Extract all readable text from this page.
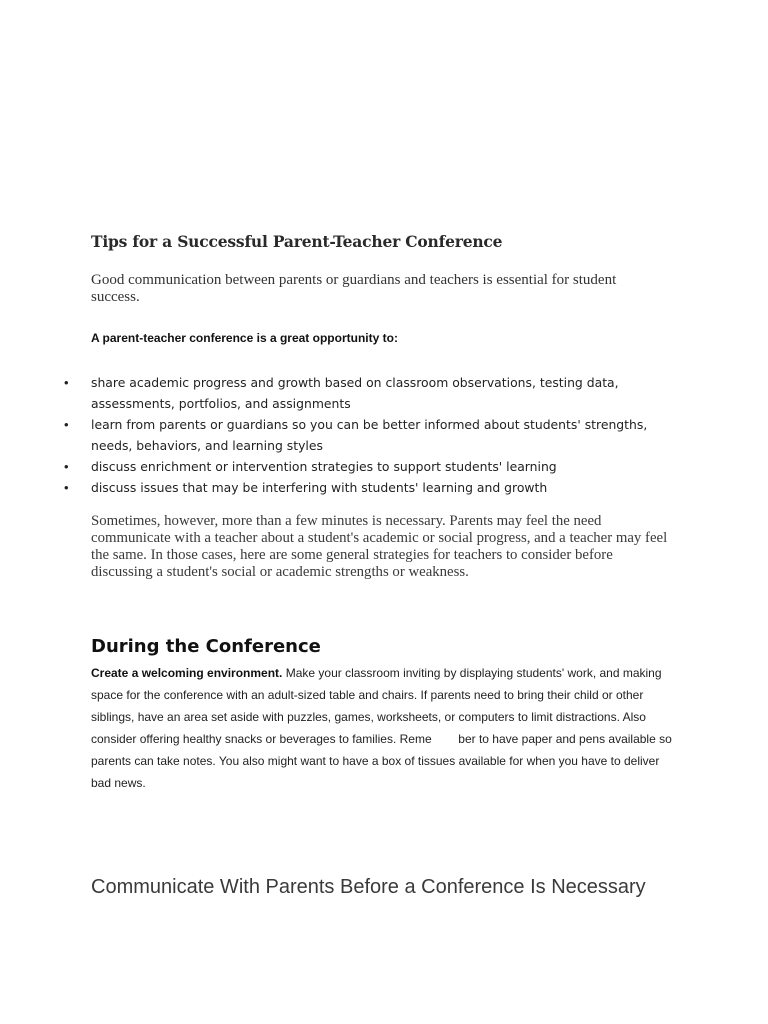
Tips for a Successful Parent-Teacher Conference
Good communication between parents or guardians and teachers is essential for student success.
A parent-teacher conference is a great opportunity to:
• share academic progress and growth based on classroom observations, testing data, assessments, portfolios, and assignments
• learn from parents or guardians so you can be better informed about students' strengths, needs, behaviors, and learning styles
• discuss enrichment or intervention strategies to support students' learning
• discuss issues that may be interfering with students' learning and growth
Sometimes, however, more than a few minutes is necessary. Parents may feel the need communicate with a teacher about a student's academic or social progress, and a teacher may feel the same. In those cases, here are some general strategies for teachers to consider before discussing a student's social or academic strengths or weakness.
During the Conference
Create a welcoming environment. Make your classroom inviting by displaying students' work, and making space for the conference with an adult-sized table and chairs. If parents need to bring their child or other siblings, have an area set aside with puzzles, games, worksheets, or computers to limit distractions. Also consider offering healthy snacks or beverages to families. Reme        ber to have paper and pens available so parents can take notes. You also might want to have a box of tissues available for when you have to deliver bad news.
Communicate With Parents Before a Conference Is Necessary
